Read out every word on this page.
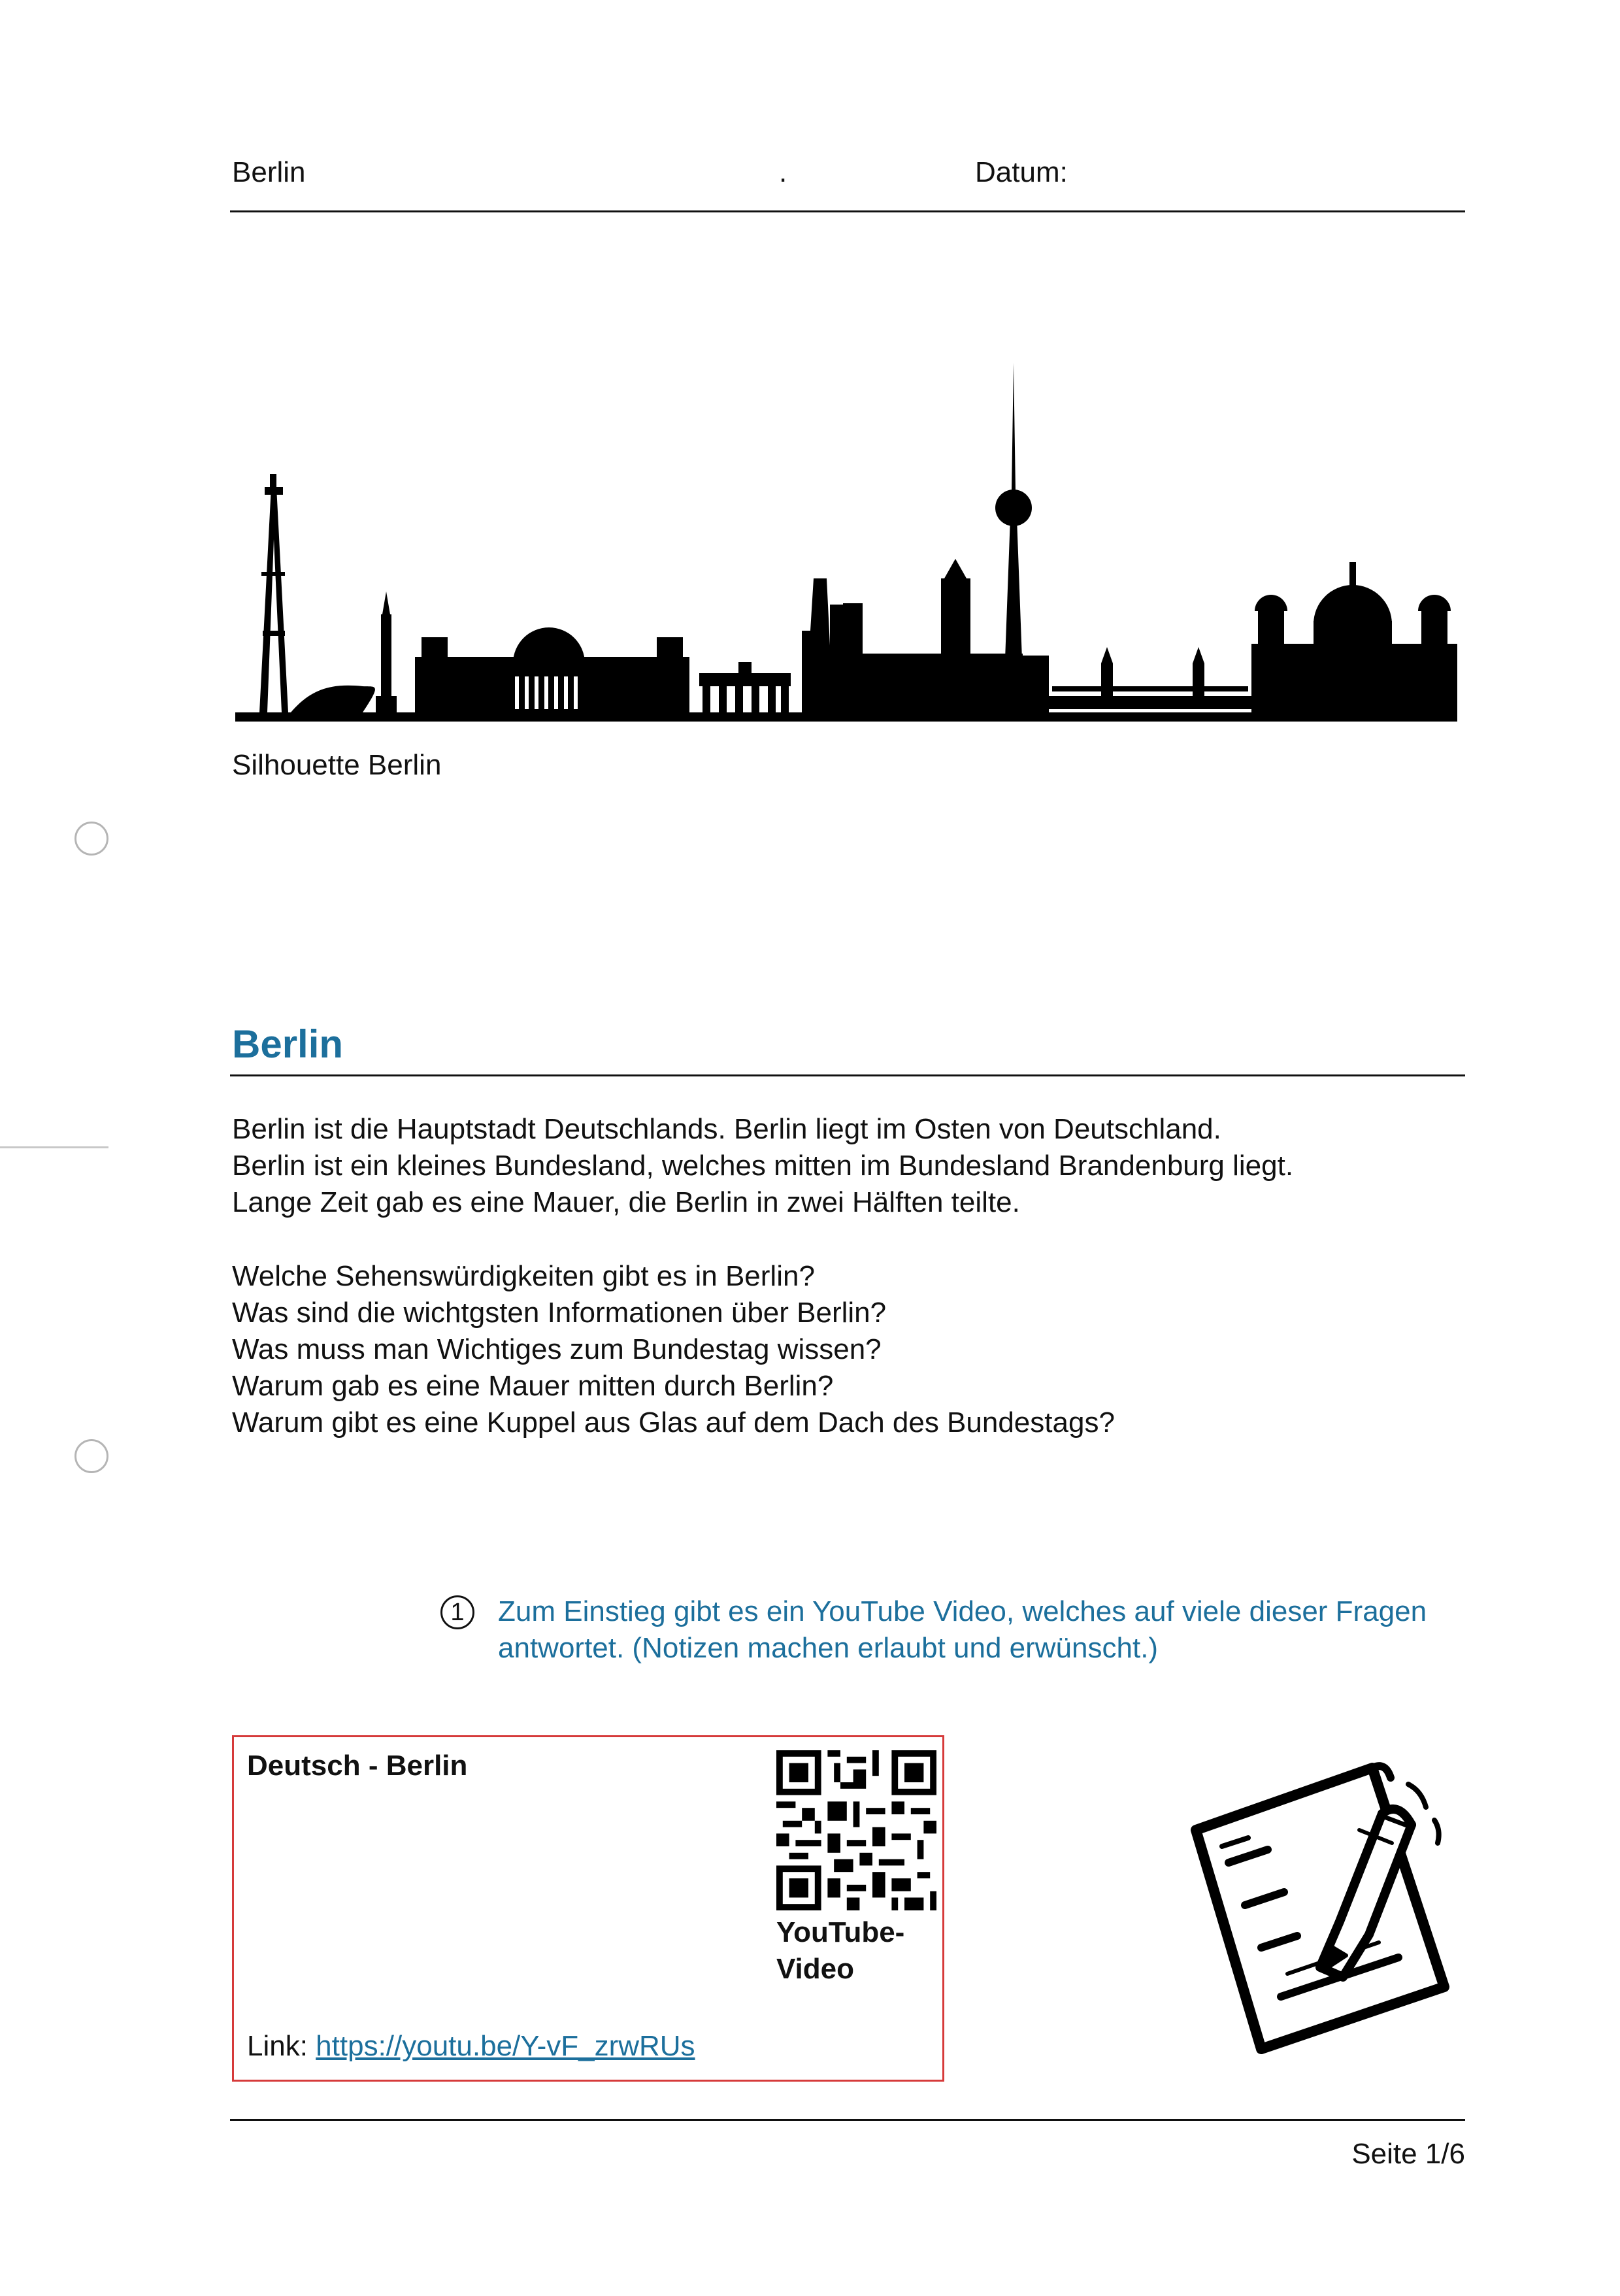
Berlin	.	Datum:
Silhouette Berlin
Berlin
Berlin ist die Hauptstadt Deutschlands. Berlin liegt im Osten von Deutschland.
Berlin ist ein kleines Bundesland, welches mitten im Bundesland Brandenburg liegt.
Lange Zeit gab es eine Mauer, die Berlin in zwei Hälften teilte.
Welche Sehenswürdigkeiten gibt es in Berlin?
Was sind die wichtgsten Informationen über Berlin?
Was muss man Wichtiges zum Bundestag wissen?
Warum gab es eine Mauer mitten durch Berlin?
Warum gibt es eine Kuppel aus Glas auf dem Dach des Bundestags?
1	Zum Einstieg gibt es ein YouTube Video, welches auf viele dieser Fragen
antwortet. (Notizen machen erlaubt und erwünscht.)
Deutsch - Berlin
YouTube-
Video
Link: https://youtu.be/Y-vF_zrwRUs
Seite 1/6
